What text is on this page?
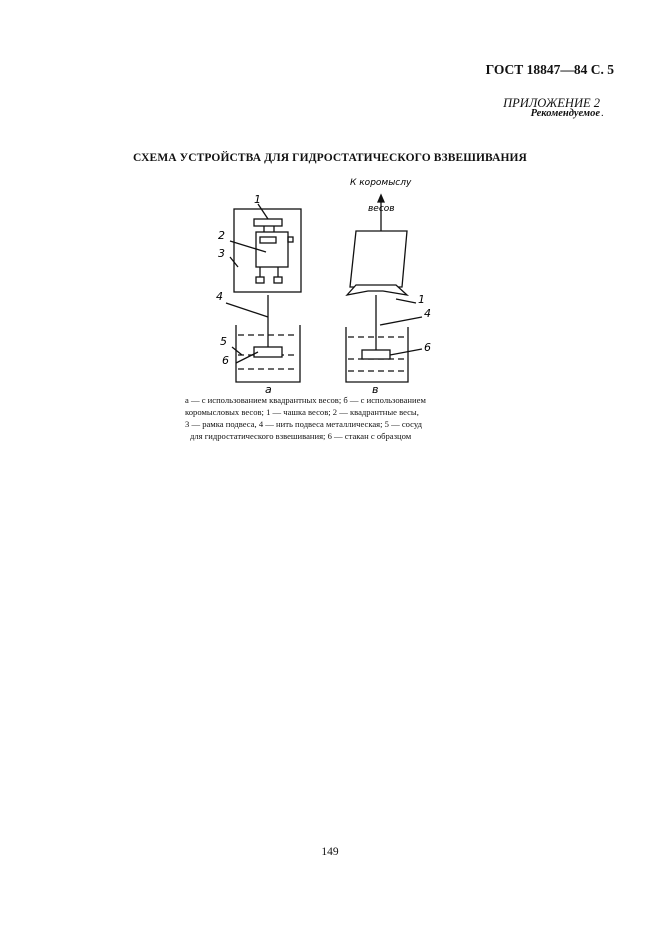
ГОСТ 18847—84 С. 5
ПРИЛОЖЕНИЕ 2
Рекомендуемое .
СХЕМА УСТРОЙСТВА ДЛЯ ГИДРОСТАТИЧЕСКОГО ВЗВЕШИВАНИЯ
1
2
3
4
5
6
а
К коромыслу
весов
1
4
6
в
а — с использованием квадрантных весов; б — с использованием
коромысловых весов; 1 — чашка весов; 2 — квадрантные весы,
3 — рамка подвеса, 4 — нить подвеса металлическая; 5 — сосуд
для гидростатического взвешивания; 6 — стакан с образцом
149
